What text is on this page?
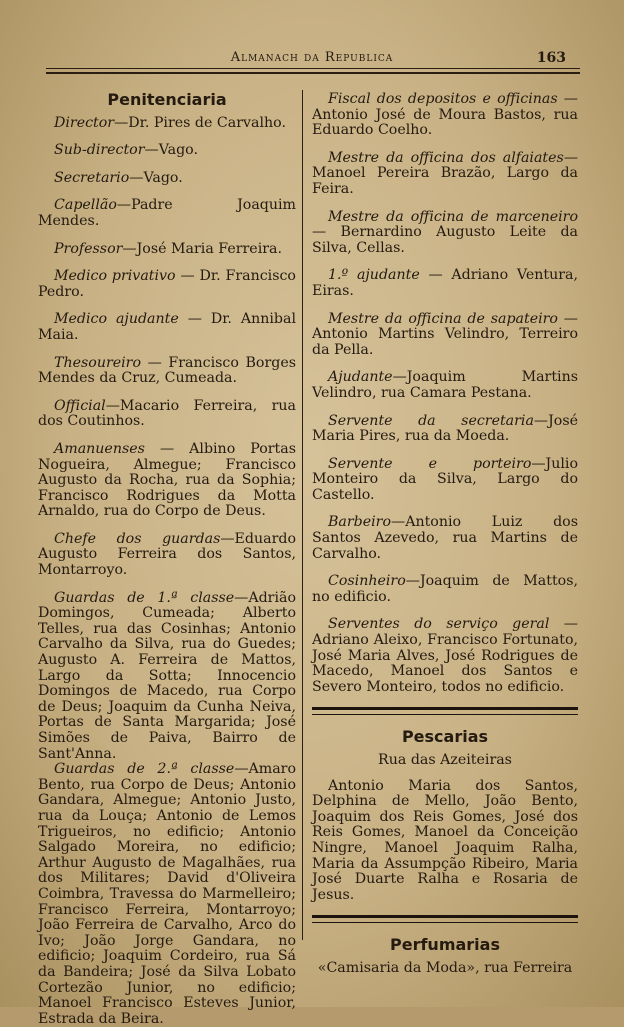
Almanach da Republica	163
Penitenciaria

Director—Dr. Pires de Carvalho.

Sub-director—Vago.

Secretario—Vago.

Capellão—Padre Joaquim Mendes.

Professor—José Maria Ferreira.

Medico privativo — Dr. Francisco Pedro.

Medico ajudante — Dr. Annibal Maia.

Thesoureiro — Francisco Borges Mendes da Cruz, Cumeada.

Official—Macario Ferreira, rua dos Coutinhos.

Amanuenses — Albino Portas Nogueira, Almegue; Francisco Augusto da Rocha, rua da Sophia; Francisco Rodrigues da Motta Arnaldo, rua do Corpo de Deus.

Chefe dos guardas—Eduardo Augusto Ferreira dos Santos, Montarroyo.

Guardas de 1.ª classe—Adrião Domingos, Cumeada; Alberto Telles, rua das Cosinhas; Antonio Carvalho da Silva, rua do Guedes; Augusto A. Ferreira de Mattos, Largo da Sotta; Innocencio Domingos de Macedo, rua Corpo de Deus; Joaquim da Cunha Neiva, Portas de Santa Margarida; José Simões de Paiva, Bairro de Sant'Anna.

Guardas de 2.ª classe—Amaro Bento, rua Corpo de Deus; Antonio Gandara, Almegue; Antonio Justo, rua da Louça; Antonio de Lemos Trigueiros, no edificio; Antonio Salgado Moreira, no edificio; Arthur Augusto de Magalhães, rua dos Militares; David d'Oliveira Coimbra, Travessa do Marmelleiro; Francisco Ferreira, Montarroyo; João Ferreira de Carvalho, Arco do Ivo; João Jorge Gandara, no edificio; Joaquim Cordeiro, rua Sá da Bandeira; José da Silva Lobato Cortezão Junior, no edificio; Manoel Francisco Esteves Junior, Estrada da Beira.

Fiscal dos depositos e officinas — Antonio José de Moura Bastos, rua Eduardo Coelho.

Mestre da officina dos alfaiates— Manoel Pereira Brazão, Largo da Feira.

Mestre da officina de marceneiro — Bernardino Augusto Leite da Silva, Cellas.

1.º ajudante — Adriano Ventura, Eiras.

Mestre da officina de sapateiro — Antonio Martins Velindro, Terreiro da Pella.

Ajudante—Joaquim Martins Velindro, rua Camara Pestana.

Servente da secretaria—José Maria Pires, rua da Moeda.

Servente e porteiro—Julio Monteiro da Silva, Largo do Castello.

Barbeiro—Antonio Luiz dos Santos Azevedo, rua Martins de Carvalho.

Cosinheiro—Joaquim de Mattos, no edificio.

Serventes do serviço geral — Adriano Aleixo, Francisco Fortunato, José Maria Alves, José Rodrigues de Macedo, Manoel dos Santos e Severo Monteiro, todos no edificio.

Pescarias

Rua das Azeiteiras

Antonio Maria dos Santos, Delphina de Mello, João Bento, Joaquim dos Reis Gomes, José dos Reis Gomes, Manoel da Conceição Ningre, Manoel Joaquim Ralha, Maria da Assumpção Ribeiro, Maria José Duarte Ralha e Rosaria de Jesus.

Perfumarias

«Camisaria da Moda», rua Ferreira
